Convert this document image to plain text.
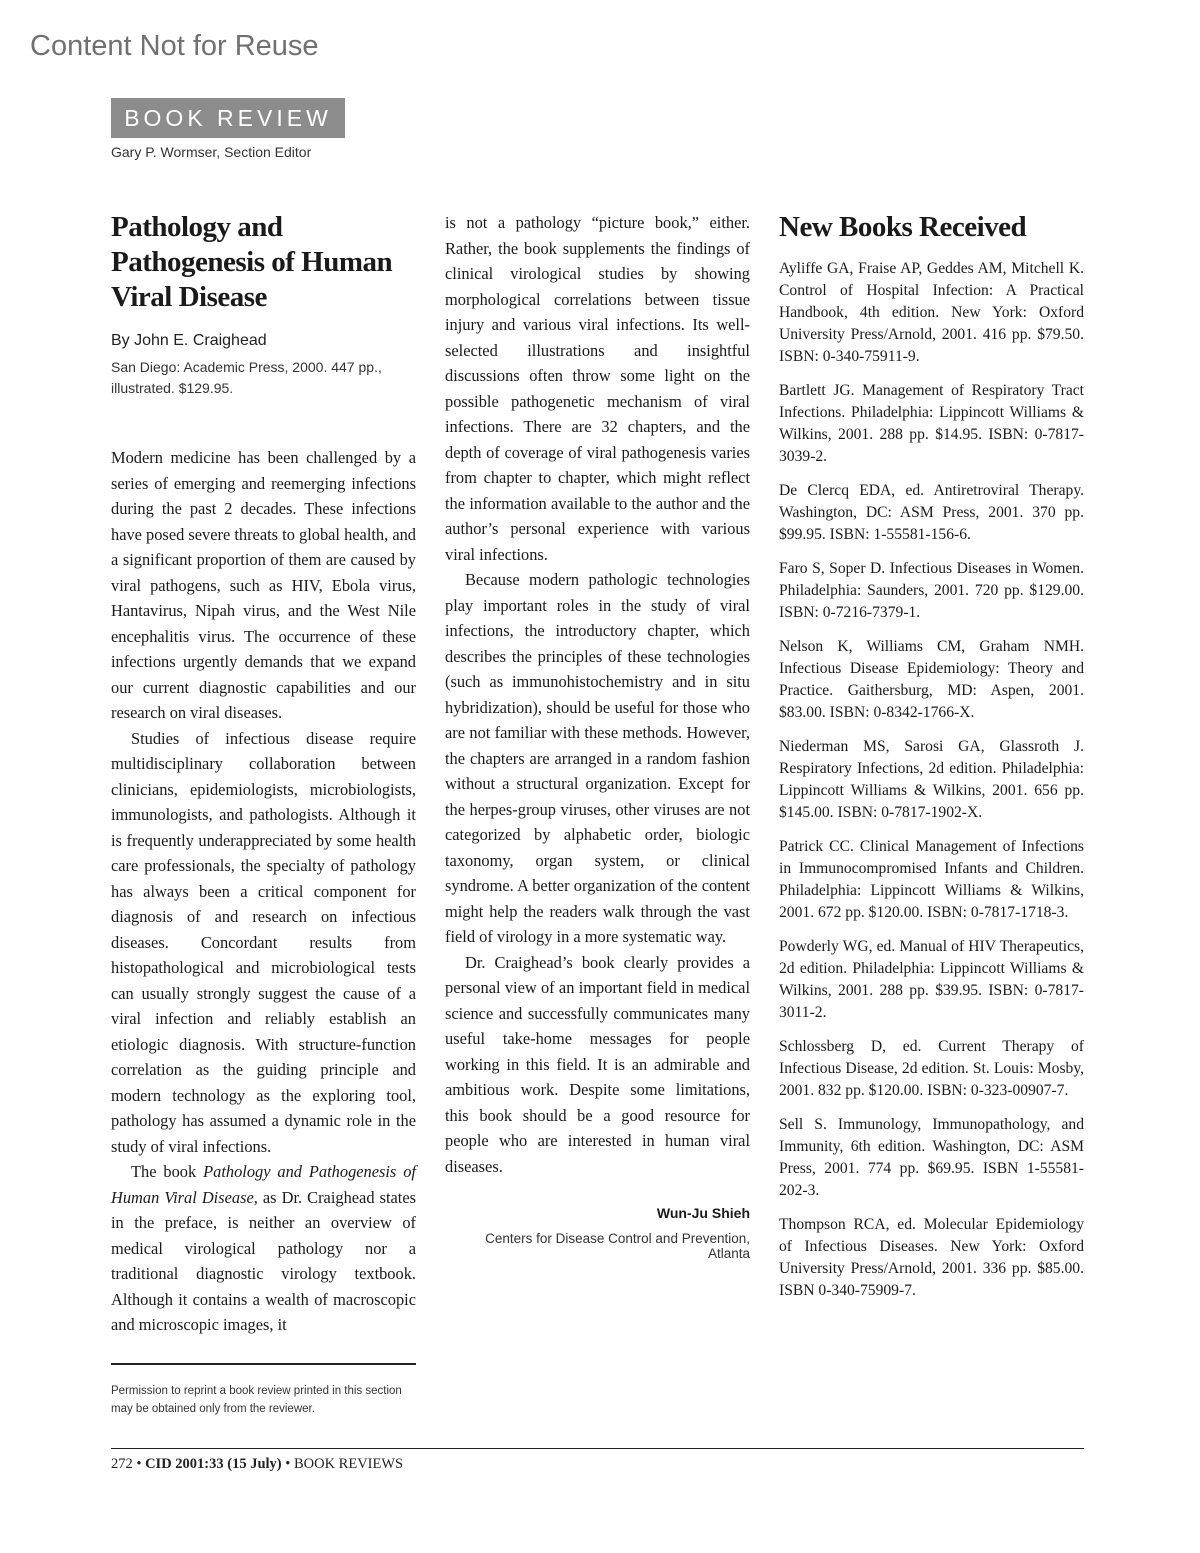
Content Not for Reuse
BOOK REVIEW
Gary P. Wormser, Section Editor
Pathology and Pathogenesis of Human Viral Disease
By John E. Craighead
San Diego: Academic Press, 2000. 447 pp., illustrated. $129.95.

Modern medicine has been challenged by a series of emerging and reemerging infections during the past 2 decades. These infections have posed severe threats to global health, and a significant proportion of them are caused by viral pathogens, such as HIV, Ebola virus, Hantavirus, Nipah virus, and the West Nile encephalitis virus. The occurrence of these infections urgently demands that we expand our current diagnostic capabilities and our research on viral diseases.

Studies of infectious disease require multidisciplinary collaboration between clinicians, epidemiologists, microbiologists, immunologists, and pathologists. Although it is frequently underappreciated by some health care professionals, the specialty of pathology has always been a critical component for diagnosis of and research on infectious diseases. Concordant results from histopathological and microbiological tests can usually strongly suggest the cause of a viral infection and reliably establish an etiologic diagnosis. With structure-function correlation as the guiding principle and modern technology as the exploring tool, pathology has assumed a dynamic role in the study of viral infections.

The book Pathology and Pathogenesis of Human Viral Disease, as Dr. Craighead states in the preface, is neither an overview of medical virological pathology nor a traditional diagnostic virology textbook. Although it contains a wealth of macroscopic and microscopic images, it

Permission to reprint a book review printed in this section may be obtained only from the reviewer.

is not a pathology “picture book,” either. Rather, the book supplements the findings of clinical virological studies by showing morphological correlations between tissue injury and various viral infections. Its well-selected illustrations and insightful discussions often throw some light on the possible pathogenetic mechanism of viral infections. There are 32 chapters, and the depth of coverage of viral pathogenesis varies from chapter to chapter, which might reflect the information available to the author and the author’s personal experience with various viral infections.

Because modern pathologic technologies play important roles in the study of viral infections, the introductory chapter, which describes the principles of these technologies (such as immunohistochemistry and in situ hybridization), should be useful for those who are not familiar with these methods. However, the chapters are arranged in a random fashion without a structural organization. Except for the herpes-group viruses, other viruses are not categorized by alphabetic order, biologic taxonomy, organ system, or clinical syndrome. A better organization of the content might help the readers walk through the vast field of virology in a more systematic way.

Dr. Craighead’s book clearly provides a personal view of an important field in medical science and successfully communicates many useful take-home messages for people working in this field. It is an admirable and ambitious work. Despite some limitations, this book should be a good resource for people who are interested in human viral diseases.

Wun-Ju Shieh
Centers for Disease Control and Prevention, Atlanta
New Books Received

Ayliffe GA, Fraise AP, Geddes AM, Mitchell K. Control of Hospital Infection: A Practical Handbook, 4th edition. New York: Oxford University Press/Arnold, 2001. 416 pp. $79.50. ISBN: 0-340-75911-9.

Bartlett JG. Management of Respiratory Tract Infections. Philadelphia: Lippincott Williams & Wilkins, 2001. 288 pp. $14.95. ISBN: 0-7817-3039-2.

De Clercq EDA, ed. Antiretroviral Therapy. Washington, DC: ASM Press, 2001. 370 pp. $99.95. ISBN: 1-55581-156-6.

Faro S, Soper D. Infectious Diseases in Women. Philadelphia: Saunders, 2001. 720 pp. $129.00. ISBN: 0-7216-7379-1.

Nelson K, Williams CM, Graham NMH. Infectious Disease Epidemiology: Theory and Practice. Gaithersburg, MD: Aspen, 2001. $83.00. ISBN: 0-8342-1766-X.

Niederman MS, Sarosi GA, Glassroth J. Respiratory Infections, 2d edition. Philadelphia: Lippincott Williams & Wilkins, 2001. 656 pp. $145.00. ISBN: 0-7817-1902-X.

Patrick CC. Clinical Management of Infections in Immunocompromised Infants and Children. Philadelphia: Lippincott Williams & Wilkins, 2001. 672 pp. $120.00. ISBN: 0-7817-1718-3.

Powderly WG, ed. Manual of HIV Therapeutics, 2d edition. Philadelphia: Lippincott Williams & Wilkins, 2001. 288 pp. $39.95. ISBN: 0-7817-3011-2.

Schlossberg D, ed. Current Therapy of Infectious Disease, 2d edition. St. Louis: Mosby, 2001. 832 pp. $120.00. ISBN: 0-323-00907-7.

Sell S. Immunology, Immunopathology, and Immunity, 6th edition. Washington, DC: ASM Press, 2001. 774 pp. $69.95. ISBN 1-55581-202-3.

Thompson RCA, ed. Molecular Epidemiology of Infectious Diseases. New York: Oxford University Press/Arnold, 2001. 336 pp. $85.00. ISBN 0-340-75909-7.

272 • CID 2001:33 (15 July) • BOOK REVIEWS
